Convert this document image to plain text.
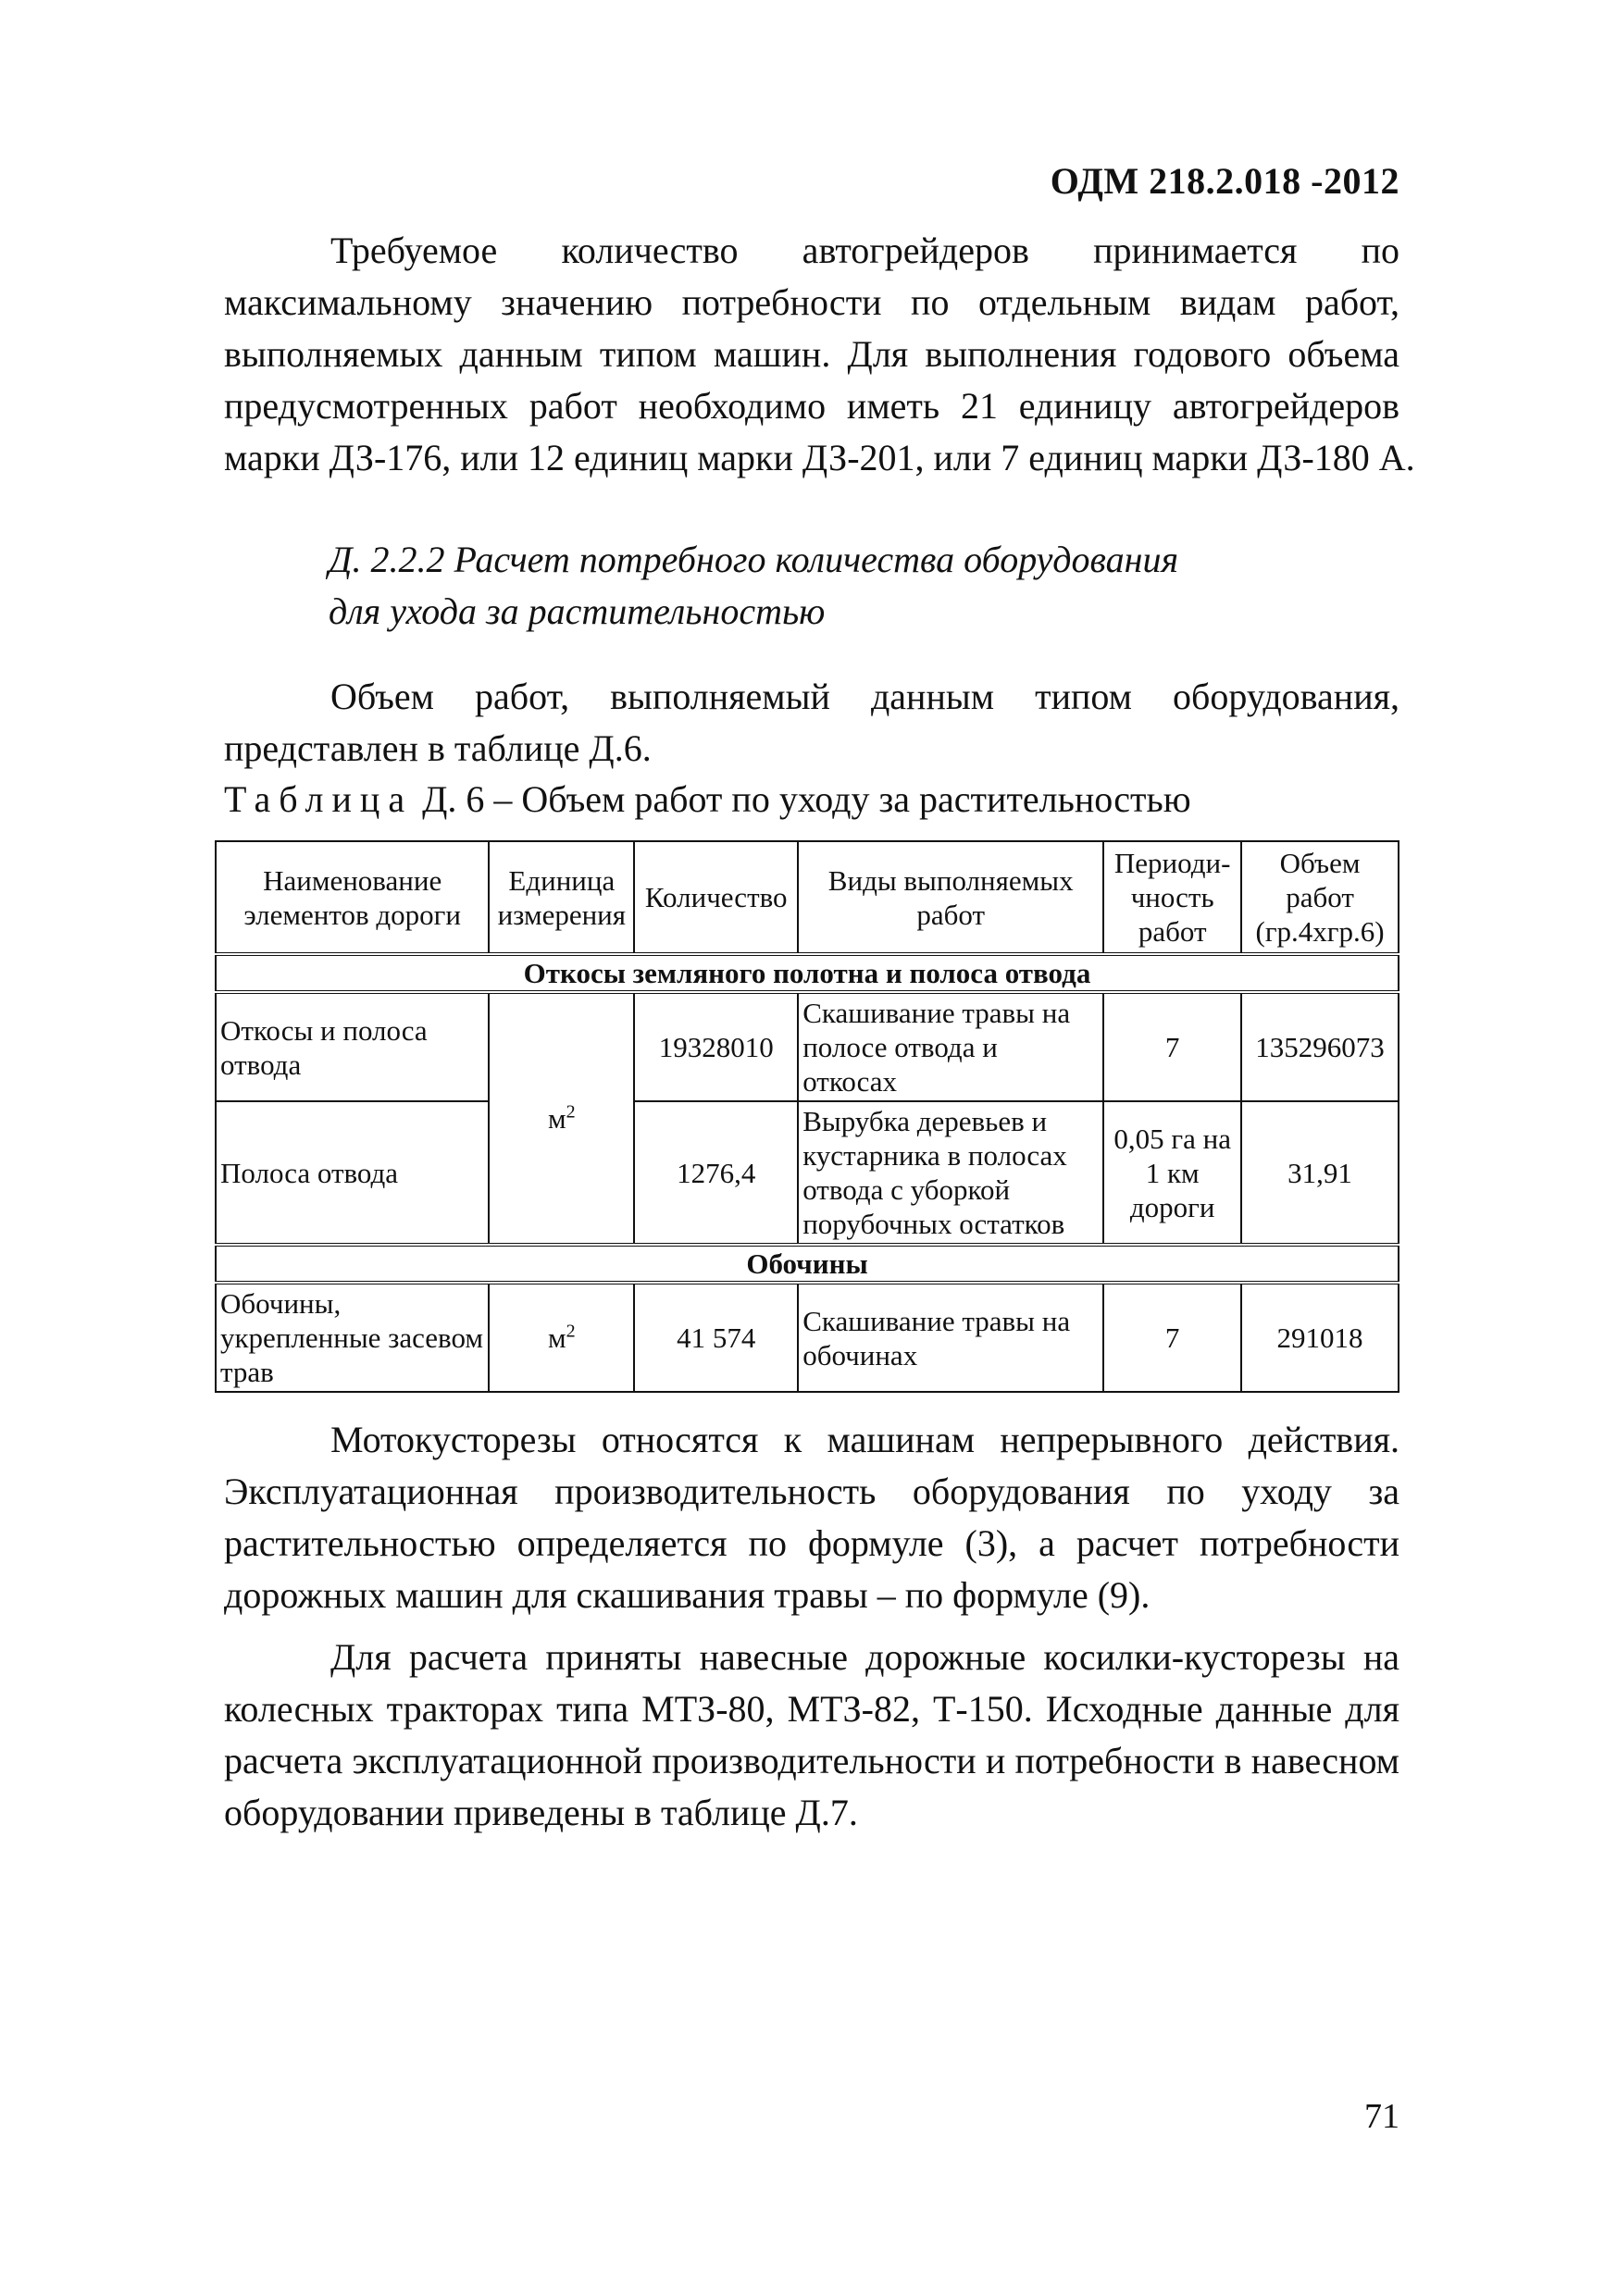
ОДМ 218.2.018 -2012
Требуемое количество автогрейдеров принимается по
максимальному значению потребности по отдельным видам работ,
выполняемых данным типом машин. Для выполнения годового объема
предусмотренных работ необходимо иметь 21 единицу автогрейдеров
марки ДЗ-176, или 12 единиц марки ДЗ-201, или 7 единиц марки ДЗ-180 А.
Д. 2.2.2 Расчет потребного количества оборудования
для ухода за растительностью
Объем работ, выполняемый данным типом оборудования,
представлен в таблице Д.6.
Таблица Д. 6 – Объем работ по уходу за растительностью
Наименование элементов дороги	Единица измерения	Количество	Виды выполняемых работ	Периоди-чность работ	Объем работ (гр.4хгр.6)
Откосы земляного полотна и полоса отвода					
Откосы и полоса отвода	$м^2$	19328010	Скашивание травы на полосе отвода и откосах	7	135296073
Полоса отвода		1276,4	Вырубка деревьев и кустарника в полосах отвода с уборкой порубочных остатков	0,05 га на 1 км дороги	31,91
Обочины					
Обочины, укрепленные засевом трав	$м^2$	41 574	Скашивание травы на обочинах	7	291018
Мотокусторезы относятся к машинам непрерывного действия.
Эксплуатационная производительность оборудования по уходу за
растительностью определяется по формуле (3), а расчет потребности
дорожных машин для скашивания травы – по формуле (9).
Для расчета приняты навесные дорожные косилки-кусторезы на
колесных тракторах типа МТЗ-80, МТЗ-82, Т-150. Исходные данные для
расчета эксплуатационной производительности и потребности в навесном
оборудовании приведены в таблице Д.7.
71
